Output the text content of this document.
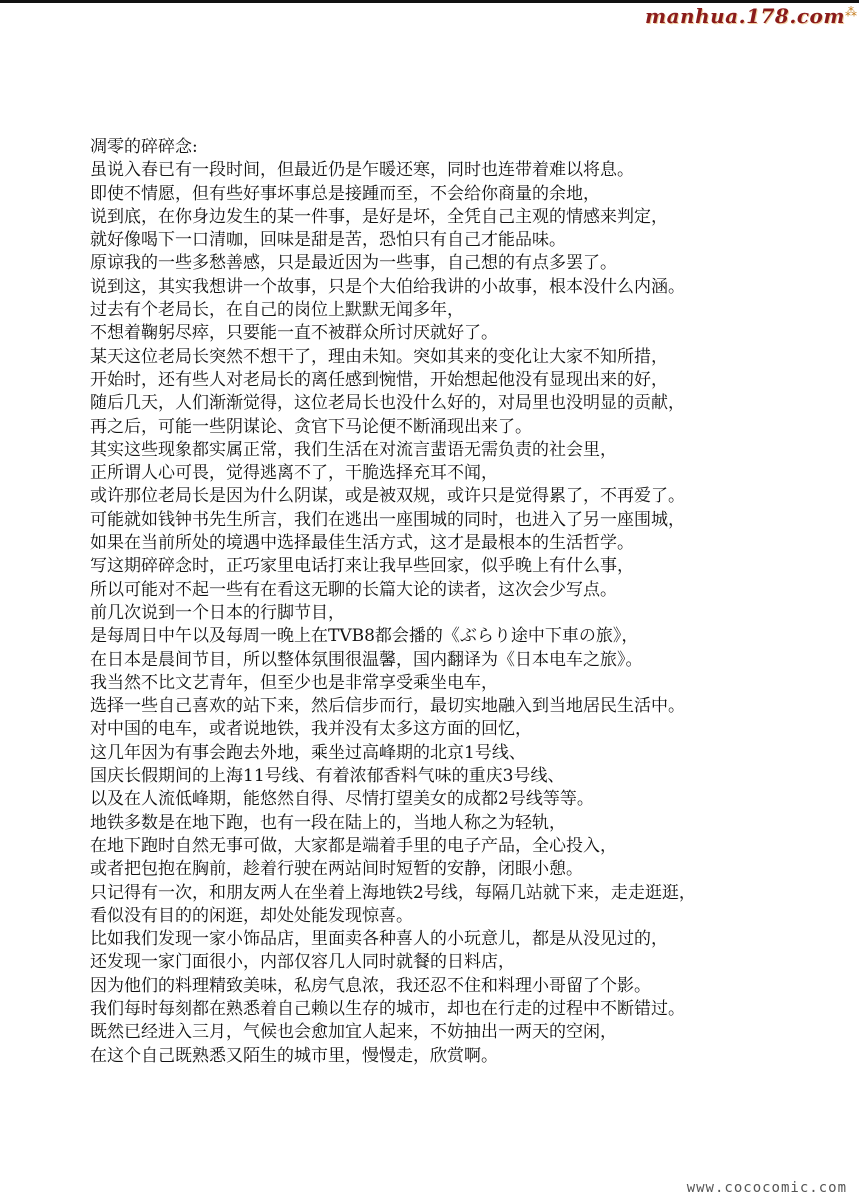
manhua.178.com ⁂
凋零的碎碎念:
虽说入春已有一段时间，但最近仍是乍暖还寒，同时也连带着难以将息。
即使不情愿，但有些好事坏事总是接踵而至，不会给你商量的余地，
说到底，在你身边发生的某一件事，是好是坏，全凭自己主观的情感来判定，
就好像喝下一口清咖，回味是甜是苦，恐怕只有自己才能品味。
原谅我的一些多愁善感，只是最近因为一些事，自己想的有点多罢了。
说到这，其实我想讲一个故事，只是个大伯给我讲的小故事，根本没什么内涵。
过去有个老局长，在自己的岗位上默默无闻多年，
不想着鞠躬尽瘁，只要能一直不被群众所讨厌就好了。
某天这位老局长突然不想干了，理由未知。突如其来的变化让大家不知所措，
开始时，还有些人对老局长的离任感到惋惜，开始想起他没有显现出来的好，
随后几天，人们渐渐觉得，这位老局长也没什么好的，对局里也没明显的贡献，
再之后，可能一些阴谋论、贪官下马论便不断涌现出来了。
其实这些现象都实属正常，我们生活在对流言蜚语无需负责的社会里，
正所谓人心可畏，觉得逃离不了，干脆选择充耳不闻，
或许那位老局长是因为什么阴谋，或是被双规，或许只是觉得累了，不再爱了。
可能就如钱钟书先生所言，我们在逃出一座围城的同时，也进入了另一座围城，
如果在当前所处的境遇中选择最佳生活方式，这才是最根本的生活哲学。
写这期碎碎念时，正巧家里电话打来让我早些回家，似乎晚上有什么事，
所以可能对不起一些有在看这无聊的长篇大论的读者，这次会少写点。
前几次说到一个日本的行脚节目，
是每周日中午以及每周一晚上在TVB8都会播的《ぶらり途中下車の旅》，
在日本是晨间节目，所以整体氛围很温馨，国内翻译为《日本电车之旅》。
我当然不比文艺青年，但至少也是非常享受乘坐电车，
选择一些自己喜欢的站下来，然后信步而行，最切实地融入到当地居民生活中。
对中国的电车，或者说地铁，我并没有太多这方面的回忆，
这几年因为有事会跑去外地，乘坐过高峰期的北京1号线、
国庆长假期间的上海11号线、有着浓郁香料气味的重庆3号线、
以及在人流低峰期，能悠然自得、尽情打望美女的成都2号线等等。
地铁多数是在地下跑，也有一段在陆上的，当地人称之为轻轨，
在地下跑时自然无事可做，大家都是端着手里的电子产品，全心投入，
或者把包抱在胸前，趁着行驶在两站间时短暂的安静，闭眼小憩。
只记得有一次，和朋友两人在坐着上海地铁2号线，每隔几站就下来，走走逛逛，
看似没有目的的闲逛，却处处能发现惊喜。
比如我们发现一家小饰品店，里面卖各种喜人的小玩意儿，都是从没见过的，
还发现一家门面很小，内部仅容几人同时就餐的日料店，
因为他们的料理精致美味，私房气息浓，我还忍不住和料理小哥留了个影。
我们每时每刻都在熟悉着自己赖以生存的城市，却也在行走的过程中不断错过。
既然已经进入三月，气候也会愈加宜人起来，不妨抽出一两天的空闲，
在这个自己既熟悉又陌生的城市里，慢慢走，欣赏啊。
www.cococomic.com
